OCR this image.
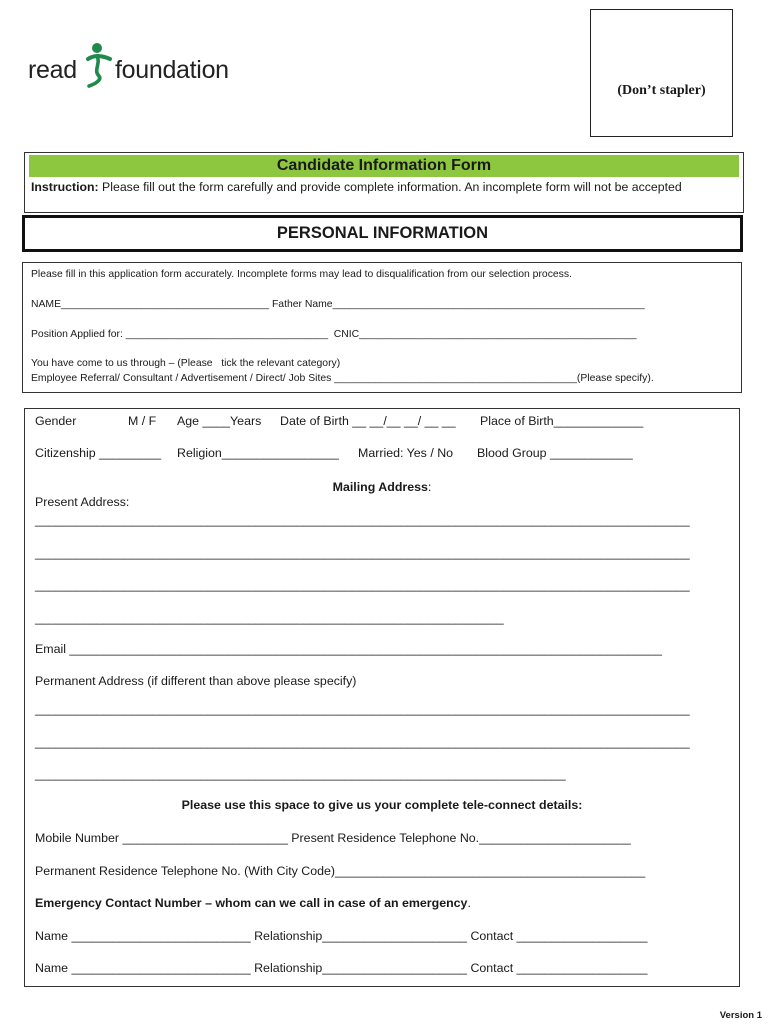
read foundation
(Don’t stapler)
Candidate Information Form
Instruction: Please fill out the form carefully and provide complete information. An incomplete form will not be accepted
PERSONAL INFORMATION
Please fill in this application form accurately. Incomplete forms may lead to disqualification from our selection process.
NAME____________________________________ Father Name______________________________________________________
Position Applied for: ___________________________________  CNIC________________________________________________
You have come to us through – (Please   tick the relevant category)
Employee Referral/ Consultant / Advertisement / Direct/ Job Sites __________________________________________(Please specify).
Gender	M / F Age ____Years Date of Birth __ __/__ __/ __ __ Place of Birth_____________
Citizenship _________ Religion_________________ Married: Yes / No Blood Group ____________
Mailing Address:
Present Address:
_______________________________________________________________________________________________
_______________________________________________________________________________________________
_______________________________________________________________________________________________
____________________________________________________________________
Email ______________________________________________________________________________________
Permanent Address (if different than above please specify)
_______________________________________________________________________________________________
_______________________________________________________________________________________________
_____________________________________________________________________________
Please use this space to give us your complete tele-connect details:
Mobile Number ________________________ Present Residence Telephone No.______________________
Permanent Residence Telephone No. (With City Code)_____________________________________________
Emergency Contact Number – whom can we call in case of an emergency.
Name __________________________ Relationship_____________________ Contact ___________________
Name __________________________ Relationship_____________________ Contact ___________________
Version 1
